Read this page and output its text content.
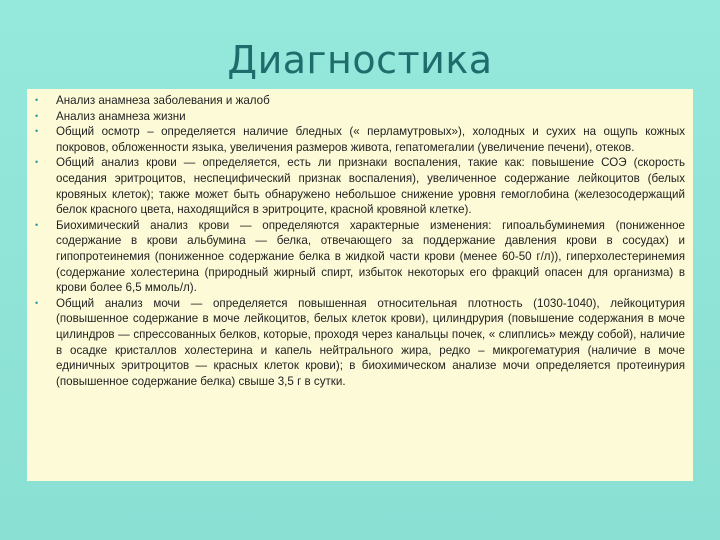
Диагностика
• Анализ анамнеза заболевания и жалоб
• Анализ анамнеза жизни
• Общий осмотр – определяется наличие бледных (« перламутровых»), холодных и сухих на ощупь кожных покровов, обложенности языка, увеличения размеров живота, гепатомегалии (увеличение печени), отеков.
• Общий анализ крови — определяется, есть ли признаки воспаления, такие как: повышение СОЭ (скорость оседания эритроцитов, неспецифический признак воспаления), увеличенное содержание лейкоцитов (белых кровяных клеток); также может быть обнаружено небольшое снижение уровня гемоглобина (железосодержащий белок красного цвета, находящийся в эритроците, красной кровяной клетке).
• Биохимический анализ крови — определяются характерные изменения: гипоальбуминемия (пониженное содержание в крови альбумина — белка, отвечающего за поддержание давления крови в сосудах) и гипопротеинемия (пониженное содержание белка в жидкой части крови (менее 60-50 г/л)), гиперхолестеринемия (содержание холестерина (природный жирный спирт, избыток некоторых его фракций опасен для организма) в крови более 6,5 ммоль/л).
• Общий анализ мочи — определяется повышенная относительная плотность (1030-1040), лейкоцитурия (повышенное содержание в моче лейкоцитов, белых клеток крови), цилиндрурия (повышение содержания в моче цилиндров — спрессованных белков, которые, проходя через канальцы почек, « слиплись» между собой), наличие в осадке кристаллов холестерина и капель нейтрального жира, редко – микрогематурия (наличие в моче единичных эритроцитов — красных клеток крови); в биохимическом анализе мочи определяется протеинурия (повышенное содержание белка) свыше 3,5 г в сутки.
